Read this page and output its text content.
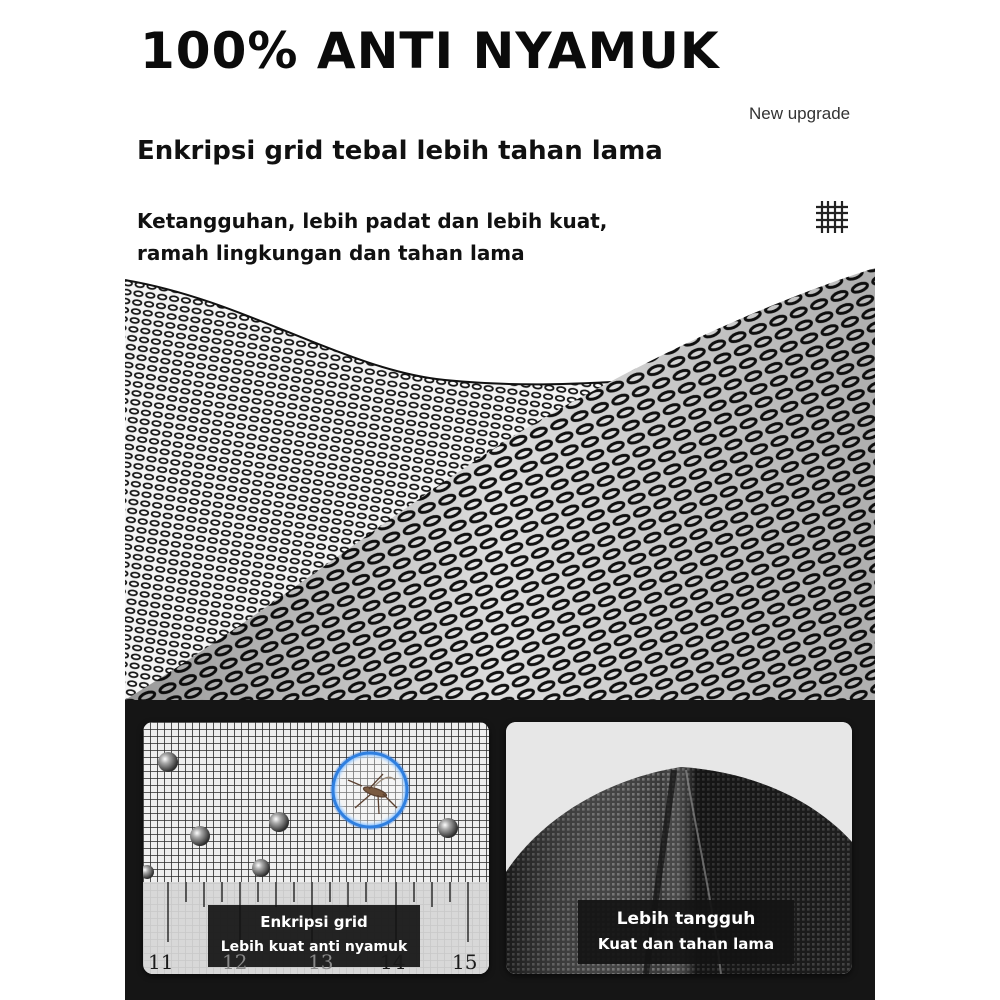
100% ANTI NYAMUK
New upgrade
Enkripsi grid tebal lebih tahan lama

Ketangguhan, lebih padat dan lebih kuat,
ramah lingkungan dan tahan lama

Enkripsi grid
Lebih kuat anti nyamuk
Lebih tangguh
Kuat dan tahan lama
11 12	13 14 15
